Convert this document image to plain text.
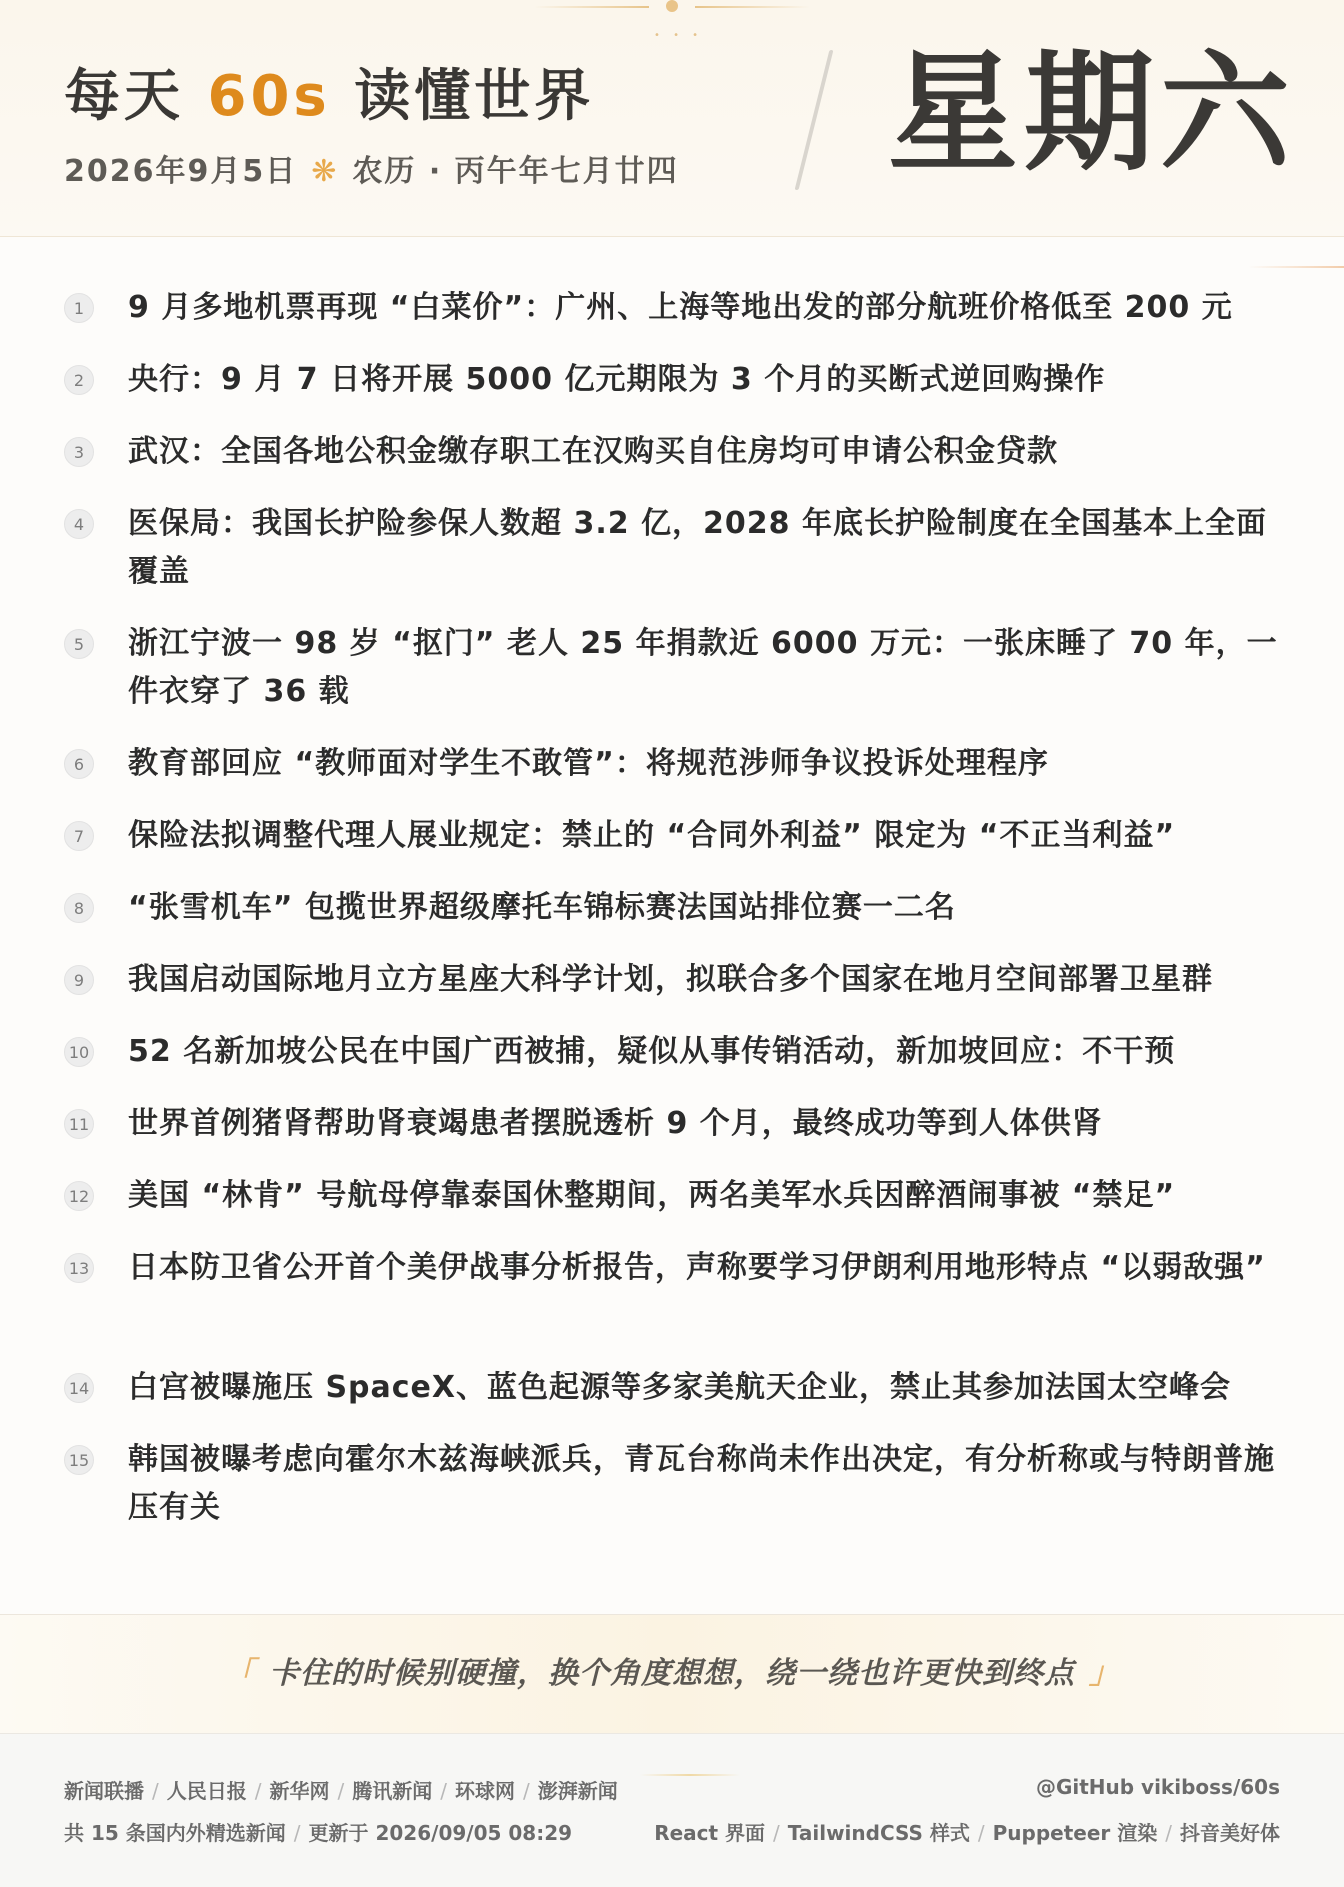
• • •
每天 60s 读懂世界
2026年9月5日 ❋ 农历 · 丙午年七月廿四 星期六
1	9 月多地机票再现 “白菜价”：广州、上海等地出发的部分航班价格低至 200 元
2	央行：9 月 7 日将开展 5000 亿元期限为 3 个月的买断式逆回购操作
3	武汉：全国各地公积金缴存职工在汉购买自住房均可申请公积金贷款
4	医保局：我国长护险参保人数超 3.2 亿，2028 年底长护险制度在全国基本上全面覆盖
5	浙江宁波一 98 岁 “抠门” 老人 25 年捐款近 6000 万元：一张床睡了 70 年，一件衣穿了 36 载
6	教育部回应 “教师面对学生不敢管”：将规范涉师争议投诉处理程序
7	保险法拟调整代理人展业规定：禁止的 “合同外利益” 限定为 “不正当利益”
8	“张雪机车” 包揽世界超级摩托车锦标赛法国站排位赛一二名
9	我国启动国际地月立方星座大科学计划，拟联合多个国家在地月空间部署卫星群
10 52 名新加坡公民在中国广西被捕，疑似从事传销活动，新加坡回应：不干预
11 世界首例猪肾帮助肾衰竭患者摆脱透析 9 个月，最终成功等到人体供肾
12 美国 “林肯” 号航母停靠泰国休整期间，两名美军水兵因醉酒闹事被 “禁足”
13 日本防卫省公开首个美伊战事分析报告，声称要学习伊朗利用地形特点 “以弱敌强”
14 白宫被曝施压 SpaceX、蓝色起源等多家美航天企业，禁止其参加法国太空峰会
15 韩国被曝考虑向霍尔木兹海峡派兵，青瓦台称尚未作出决定，有分析称或与特朗普施压有关
「 卡住的时候别硬撞，换个角度想想，绕一绕也许更快到终点 」
新闻联播 / 人民日报 / 新华网 / 腾讯新闻 / 环球网 / 澎湃新闻
共 15 条国内外精选新闻 / 更新于 2026/09/05 08:29
@GitHub vikiboss/60s
React 界面 / TailwindCSS 样式 / Puppeteer 渲染 / 抖音美好体
